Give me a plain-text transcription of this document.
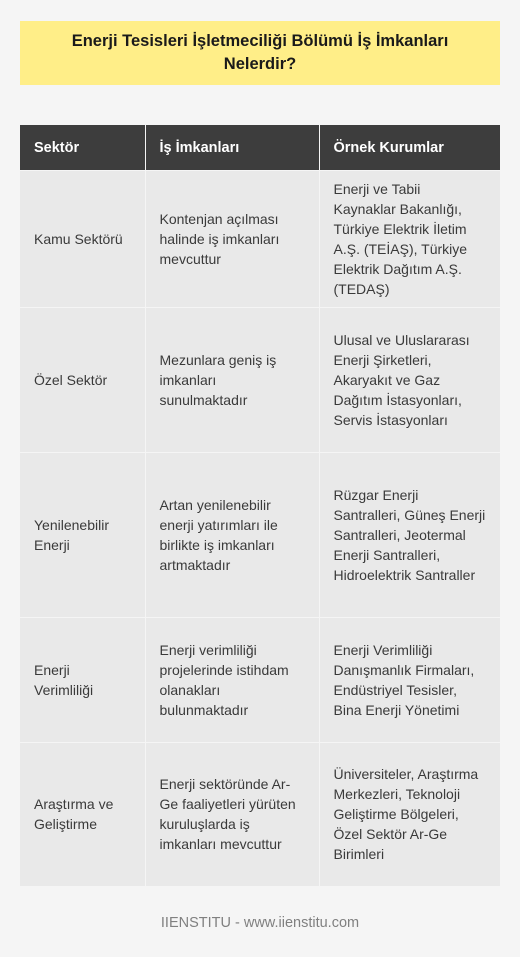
Enerji Tesisleri İşletmeciliği Bölümü İş İmkanları Nelerdir?
Sektör	İş İmkanları	Örnek Kurumlar
Kamu Sektörü	Kontenjan açılması halinde iş imkanları mevcuttur	Enerji ve Tabii Kaynaklar Bakanlığı, Türkiye Elektrik İletim A.Ş. (TEİAŞ), Türkiye Elektrik Dağıtım A.Ş. (TEDAŞ)
Özel Sektör	Mezunlara geniş iş imkanları sunulmaktadır	Ulusal ve Uluslararası Enerji Şirketleri, Akaryakıt ve Gaz Dağıtım İstasyonları, Servis İstasyonları
Yenilenebilir Enerji	Artan yenilenebilir enerji yatırımları ile birlikte iş imkanları artmaktadır	Rüzgar Enerji Santralleri, Güneş Enerji Santralleri, Jeotermal Enerji Santralleri, Hidroelektrik Santraller
Enerji Verimliliği	Enerji verimliliği projelerinde istihdam olanakları bulunmaktadır	Enerji Verimliliği Danışmanlık Firmaları, Endüstriyel Tesisler, Bina Enerji Yönetimi
Araştırma ve Geliştirme	Enerji sektöründe Ar-Ge faaliyetleri yürüten kuruluşlarda iş imkanları mevcuttur	Üniversiteler, Araştırma Merkezleri, Teknoloji Geliştirme Bölgeleri, Özel Sektör Ar-Ge Birimleri
IIENSTITU - www.iienstitu.com
